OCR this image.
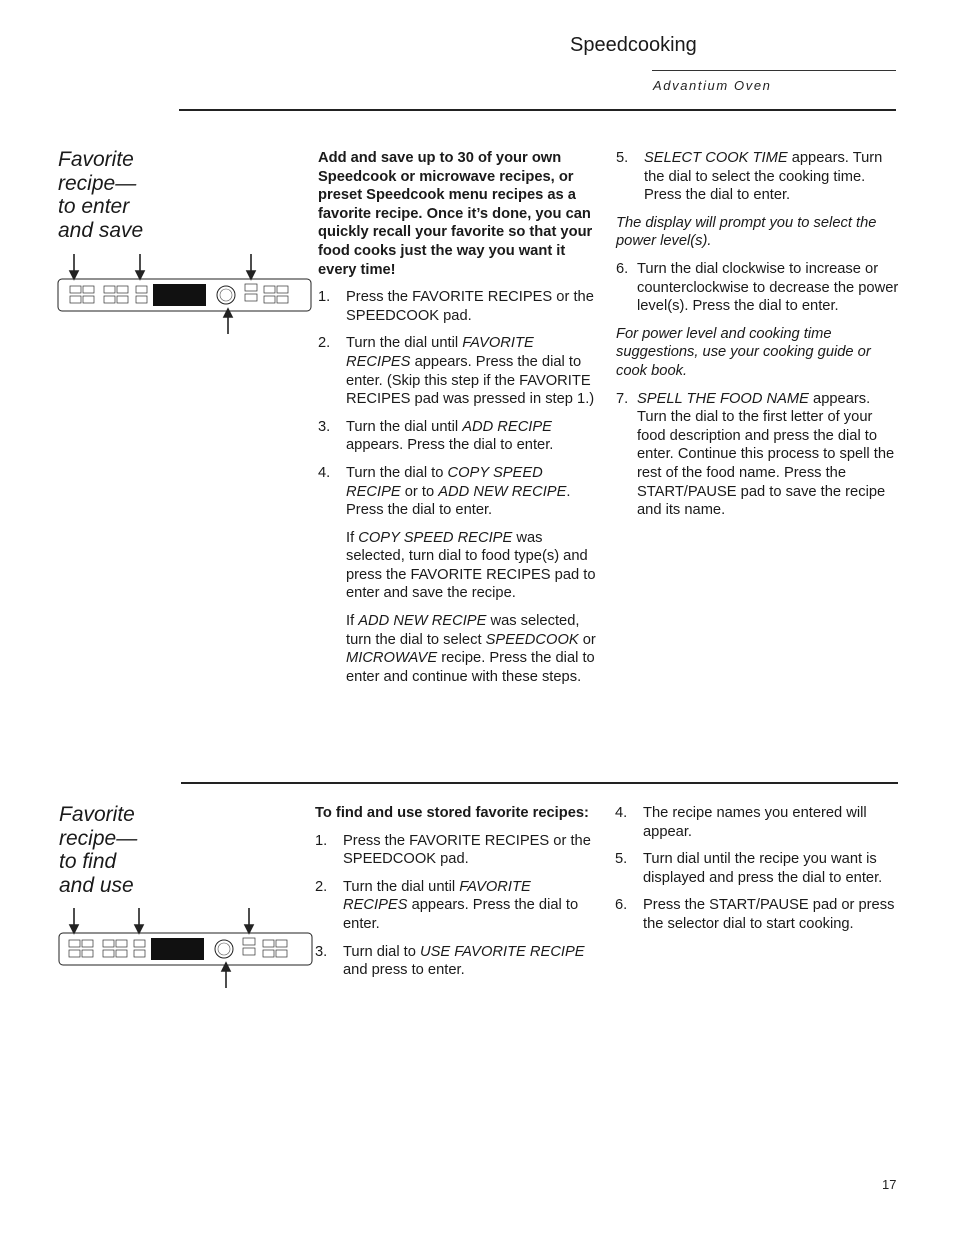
Speedcooking
Advantium Oven
Favorite
recipe—
to enter
and save

Add and save up to 30 of your own Speedcook or microwave recipes, or preset Speedcook menu recipes as a favorite recipe. Once it’s done, you can quickly recall your favorite so that your food cooks just the way you want it every time!

1. Press the FAVORITE RECIPES or the SPEEDCOOK pad.
2. Turn the dial until FAVORITE RECIPES appears. Press the dial to enter. (Skip this step if the FAVORITE RECIPES pad was pressed in step 1.)
3. Turn the dial until ADD RECIPE appears. Press the dial to enter.
4. Turn the dial to COPY SPEED RECIPE or to ADD NEW RECIPE. Press the dial to enter.

If COPY SPEED RECIPE was selected, turn dial to food type(s) and press the FAVORITE RECIPES pad to enter and save the recipe.

If ADD NEW RECIPE was selected, turn the dial to select SPEEDCOOK or MICROWAVE recipe. Press the dial to enter and continue with these steps.

5. SELECT COOK TIME appears. Turn the dial to select the cooking time. Press the dial to enter.

The display will prompt you to select the power level(s).

6. Turn the dial clockwise to increase or counterclockwise to decrease the power level(s). Press the dial to enter.

For power level and cooking time suggestions, use your cooking guide or cook book.

7. SPELL THE FOOD NAME appears. Turn the dial to the first letter of your food description and press the dial to enter. Continue this process to spell the rest of the food name. Press the START/PAUSE pad to save the recipe and its name.
Favorite
recipe—
to find
and use

To find and use stored favorite recipes:

1. Press the FAVORITE RECIPES or the SPEEDCOOK pad.
2. Turn the dial until FAVORITE RECIPES appears. Press the dial to enter.
3. Turn dial to USE FAVORITE RECIPE and press to enter.
4. The recipe names you entered will appear.
5. Turn dial until the recipe you want is displayed and press the dial to enter.
6. Press the START/PAUSE pad or press the selector dial to start cooking.
17
